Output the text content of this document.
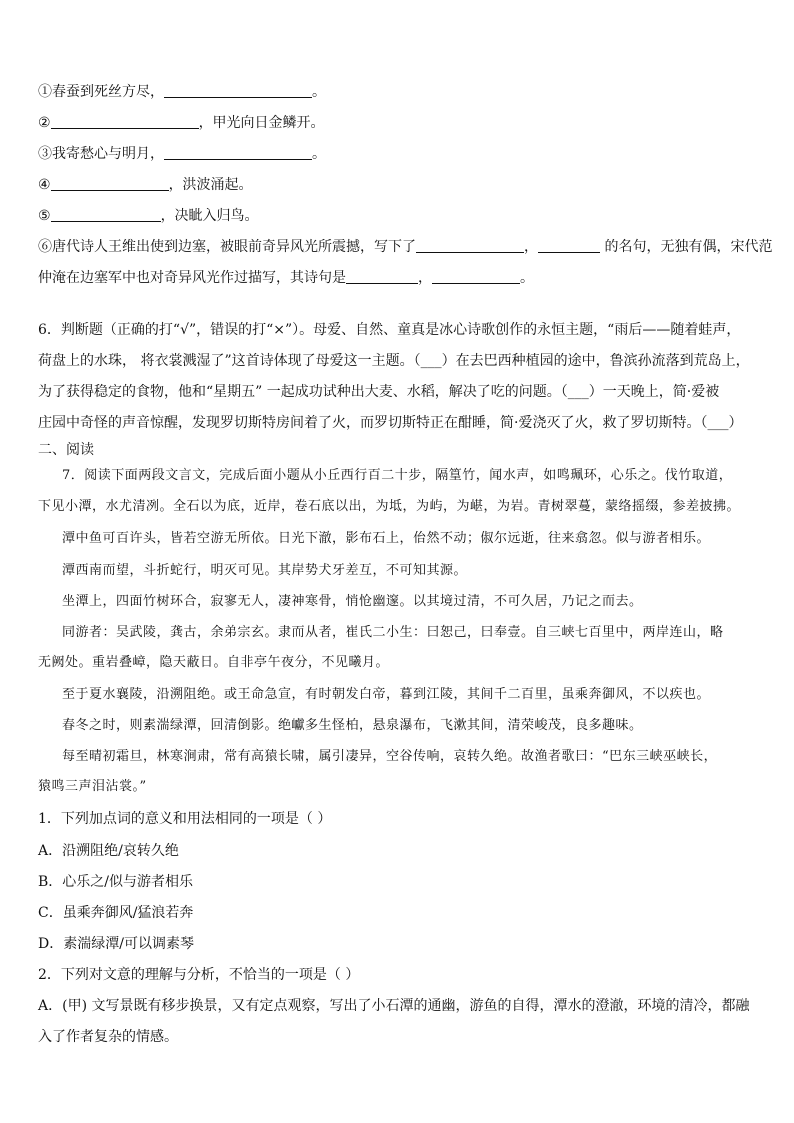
①春蚕到死丝方尽，	。
②	，甲光向日金鳞开。
③我寄愁心与明月，	。
④	，洪波涌起。
⑤	，决眦入归鸟。
⑥唐代诗人王维出使到边塞，被眼前奇异风光所震撼，写下了	，	的名句，无独有偶，宋代范
仲淹在边塞军中也对奇异风光作过描写，其诗句是	，	。
6．判断题（正确的打“√”，错误的打“×”）。母爱、自然、童真是冰心诗歌创作的永恒主题，“雨后——随着蛙声，
荷盘上的水珠， 将衣裳溅湿了”这首诗体现了母爱这一主题。（___）在去巴西种植园的途中，鲁滨孙流落到荒岛上，
为了获得稳定的食物，他和“星期五” 一起成功试种出大麦、水稻，解决了吃的问题。（___）一天晚上，简·爱被
庄园中奇怪的声音惊醒，发现罗切斯特房间着了火，而罗切斯特正在酣睡，简·爱浇灭了火，救了罗切斯特。（___）
二、阅读
7．阅读下面两段文言文，完成后面小题从小丘西行百二十步，隔篁竹，闻水声，如鸣珮环，心乐之。伐竹取道，
下见小潭，水尤清冽。全石以为底，近岸，卷石底以出，为坻，为屿，为嵁，为岩。青树翠蔓，蒙络摇缀，参差披拂。
潭中鱼可百许头，皆若空游无所依。日光下澈，影布石上，佁然不动；俶尔远逝，往来翕忽。似与游者相乐。
潭西南而望，斗折蛇行，明灭可见。其岸势犬牙差互，不可知其源。
坐潭上，四面竹树环合，寂寥无人，凄神寒骨，悄怆幽邃。以其境过清，不可久居，乃记之而去。
同游者：吴武陵，龚古，余弟宗玄。隶而从者，崔氏二小生：曰恕己，曰奉壹。自三峡七百里中，两岸连山，略
无阙处。重岩叠嶂，隐天蔽日。自非亭午夜分，不见曦月。
至于夏水襄陵，沿溯阻绝。或王命急宣，有时朝发白帝，暮到江陵，其间千二百里，虽乘奔御风，不以疾也。
春冬之时，则素湍绿潭，回清倒影。绝巘多生怪柏，悬泉瀑布，飞漱其间，清荣峻茂，良多趣味。
每至晴初霜旦，林寒涧肃，常有高猿长啸，属引凄异，空谷传响，哀转久绝。故渔者歌曰：“巴东三峡巫峡长，
猿鸣三声泪沾裳。”
1．下列加点词的意义和用法相同的一项是（ ）
A．沿溯阻绝/哀转久绝
B．心乐之/似与游者相乐
C．虽乘奔御风/猛浪若奔
D．素湍绿潭/可以调素琴
2．下列对文意的理解与分析，不恰当的一项是（ ）
A．(甲) 文写景既有移步换景，又有定点观察，写出了小石潭的通幽，游鱼的自得，潭水的澄澈，环境的清冷，都融
入了作者复杂的情感。
